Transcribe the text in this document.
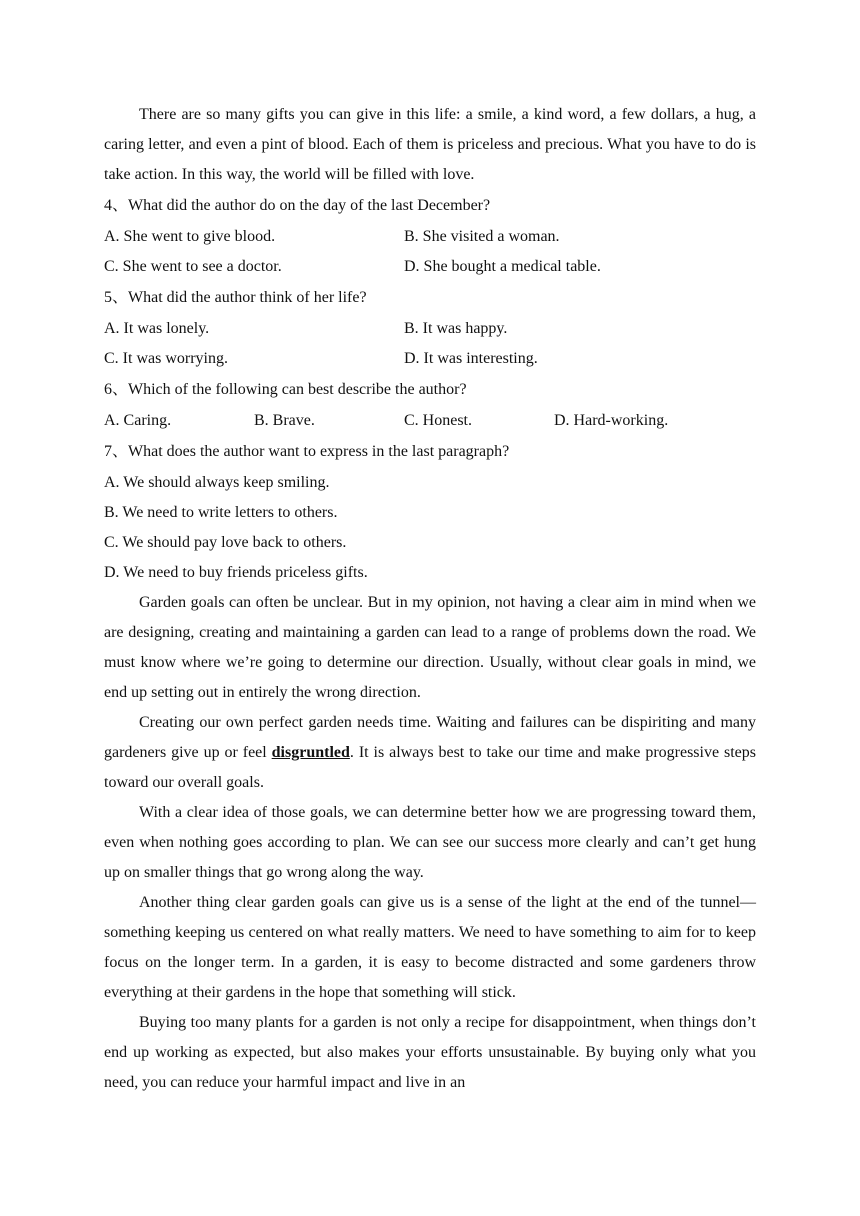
There are so many gifts you can give in this life: a smile, a kind word, a few dollars, a hug, a caring letter, and even a pint of blood. Each of them is priceless and precious. What you have to do is take action. In this way, the world will be filled with love.

4、What did the author do on the day of the last December?
A. She went to give blood.	B. She visited a woman.
C. She went to see a doctor.	D. She bought a medical table.
5、What did the author think of her life?
A. It was lonely.	B. It was happy.
C. It was worrying.	D. It was interesting.
6、Which of the following can best describe the author?
A. Caring.	B. Brave.	C. Honest.	D. Hard-working.
7、What does the author want to express in the last paragraph?
A. We should always keep smiling.
B. We need to write letters to others.
C. We should pay love back to others.
D. We need to buy friends priceless gifts.

Garden goals can often be unclear. But in my opinion, not having a clear aim in mind when we are designing, creating and maintaining a garden can lead to a range of problems down the road. We must know where we’re going to determine our direction. Usually, without clear goals in mind, we end up setting out in entirely the wrong direction.

Creating our own perfect garden needs time. Waiting and failures can be dispiriting and many gardeners give up or feel disgruntled. It is always best to take our time and make progressive steps toward our overall goals.

With a clear idea of those goals, we can determine better how we are progressing toward them, even when nothing goes according to plan. We can see our success more clearly and can’t get hung up on smaller things that go wrong along the way.

Another thing clear garden goals can give us is a sense of the light at the end of the tunnel—something keeping us centered on what really matters. We need to have something to aim for to keep focus on the longer term. In a garden, it is easy to become distracted and some gardeners throw everything at their gardens in the hope that something will stick.

Buying too many plants for a garden is not only a recipe for disappointment, when things don’t end up working as expected, but also makes your efforts unsustainable. By buying only what you need, you can reduce your harmful impact and live in an
